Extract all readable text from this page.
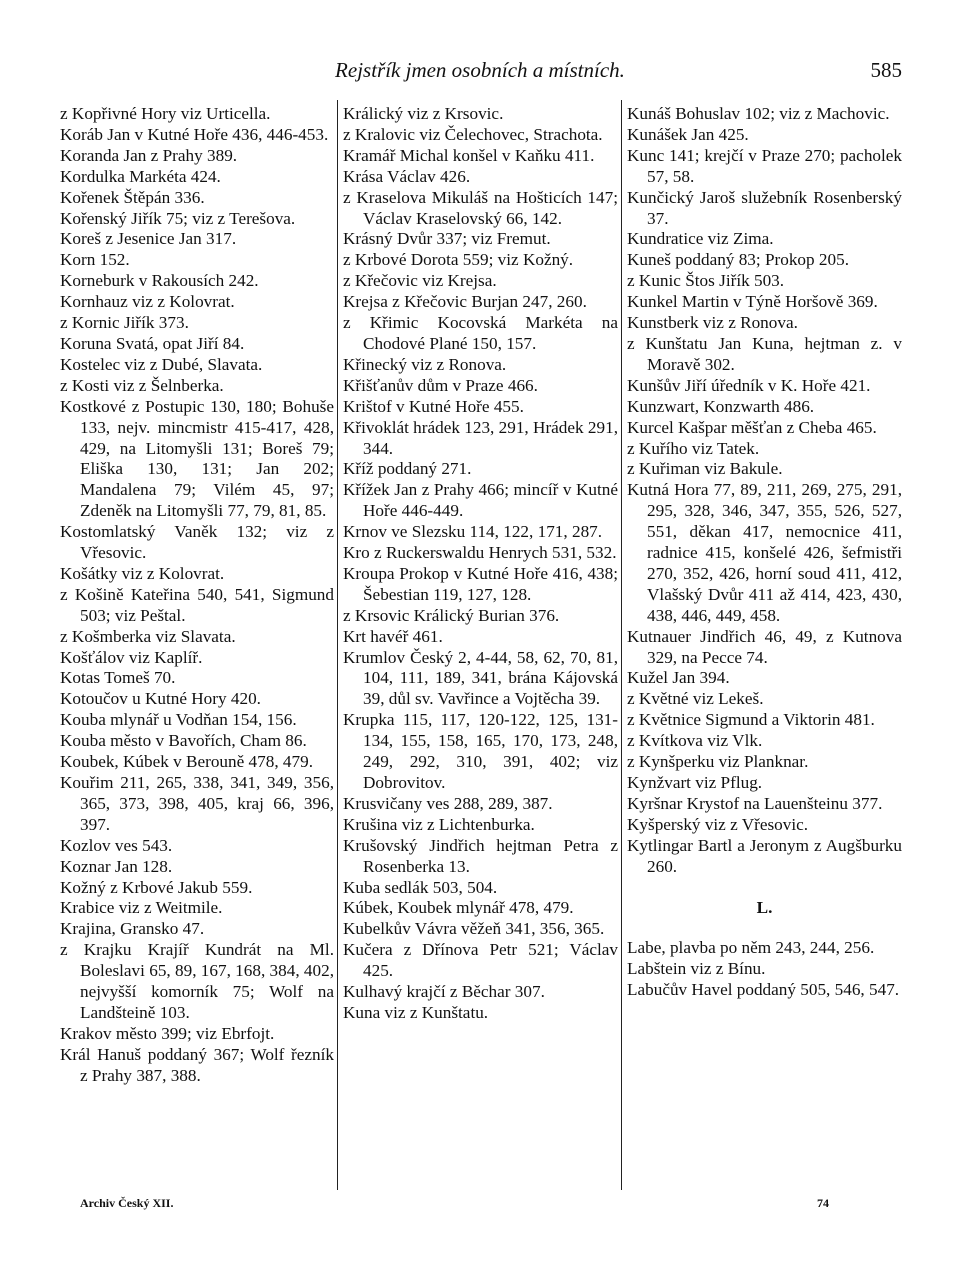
Rejstřík jmen osobních a místních.	585

z Kopřivné Hory viz Urticella.

Koráb Jan v Kutné Hoře 436, 446-453.

Koranda Jan z Prahy 389.

Kordulka Markéta 424.

Kořenek Štěpán 336.

Kořenský Jiřík 75; viz z Terešova.

Koreš z Jesenice Jan 317.

Korn 152.

Korneburk v Rakousích 242.

Kornhauz viz z Kolovrat.

z Kornic Jiřík 373.

Koruna Svatá, opat Jiří 84.

Kostelec viz z Dubé, Slavata.

z Kosti viz z Šelnberka.

Kostkové z Postupic 130, 180; Bohuše 133, nejv. mincmistr 415-417, 428, 429, na Litomyšli 131; Boreš 79; Eliška 130, 131; Jan 202; Mandalena 79; Vilém 45, 97; Zdeněk na Litomyšli 77, 79, 81, 85.

Kostomlatský Vaněk 132; viz z Vřesovic.

Košátky viz z Kolovrat.

z Košině Kateřina 540, 541, Sigmund 503; viz Peštal.

z Košmberka viz Slavata.

Košťálov viz Kaplíř.

Kotas Tomeš 70.

Kotoučov u Kutné Hory 420.

Kouba mlynář u Vodňan 154, 156.

Kouba město v Bavořích, Cham 86.

Koubek, Kúbek v Berouně 478, 479.

Kouřim 211, 265, 338, 341, 349, 356, 365, 373, 398, 405, kraj 66, 396, 397.

Kozlov ves 543.

Koznar Jan 128.

Kožný z Krbové Jakub 559.

Krabice viz z Weitmile.

Krajina, Gransko 47.

z Krajku Krajíř Kundrát na Ml. Boleslavi 65, 89, 167, 168, 384, 402, nejvyšší komorník 75; Wolf na Landšteině 103.

Krakov město 399; viz Ebrfojt.

Král Hanuš poddaný 367; Wolf řezník z Prahy 387, 388.

Králický viz z Krsovic.

z Kralovic viz Čelechovec, Strachota.

Kramář Michal konšel v Kaňku 411.

Krása Václav 426.

z Kraselova Mikuláš na Hošticích 147; Václav Kraselovský 66, 142.

Krásný Dvůr 337; viz Fremut.

z Krbové Dorota 559; viz Kožný.

z Křečovic viz Krejsa.

Krejsa z Křečovic Burjan 247, 260.

z Křimic Kocovská Markéta na Chodové Plané 150, 157.

Křinecký viz z Ronova.

Křišťanův dům v Praze 466.

Krištof v Kutné Hoře 455.

Křivoklát hrádek 123, 291, Hrádek 291, 344.

Kříž poddaný 271.

Křížek Jan z Prahy 466; mincíř v Kutné Hoře 446-449.

Krnov ve Slezsku 114, 122, 171, 287.

Kro z Ruckerswaldu Henrych 531, 532.

Kroupa Prokop v Kutné Hoře 416, 438; Šebestian 119, 127, 128.

z Krsovic Králický Burian 376.

Krt havéř 461.

Krumlov Český 2, 4-44, 58, 62, 70, 81, 104, 111, 189, 341, brána Kájovská 39, důl sv. Vavřince a Vojtěcha 39.

Krupka 115, 117, 120-122, 125, 131-134, 155, 158, 165, 170, 173, 248, 249, 292, 310, 391, 402; viz Dobrovitov.

Krusvičany ves 288, 289, 387.

Krušina viz z Lichtenburka.

Krušovský Jindřich hejtman Petra z Rosenberka 13.

Kuba sedlák 503, 504.

Kúbek, Koubek mlynář 478, 479.

Kubelkův Vávra věžeň 341, 356, 365.

Kučera z Dřínova Petr 521; Václav 425.

Kulhavý krajčí z Běchar 307.

Kuna viz z Kunštatu.

Kunáš Bohuslav 102; viz z Machovic.

Kunášek Jan 425.

Kunc 141; krejčí v Praze 270; pacholek 57, 58.

Kunčický Jaroš služebník Rosenberský 37.

Kundratice viz Zima.

Kuneš poddaný 83; Prokop 205.

z Kunic Štos Jiřík 503.

Kunkel Martin v Týně Horšově 369.

Kunstberk viz z Ronova.

z Kunštatu Jan Kuna, hejtman z. v Moravě 302.

Kunšův Jiří úředník v K. Hoře 421.

Kunzwart, Konzwarth 486.

Kurcel Kašpar měšťan z Cheba 465.

z Kuřího viz Tatek.

z Kuřiman viz Bakule.

Kutná Hora 77, 89, 211, 269, 275, 291, 295, 328, 346, 347, 355, 526, 527, 551, děkan 417, nemocnice 411, radnice 415, konšelé 426, šefmistři 270, 352, 426, horní soud 411, 412, Vlašský Dvůr 411 až 414, 423, 430, 438, 446, 449, 458.

Kutnauer Jindřich 46, 49, z Kutnova 329, na Pecce 74.

Kužel Jan 394.

z Květné viz Lekeš.

z Květnice Sigmund a Viktorin 481.

z Kvítkova viz Vlk.

z Kynšperku viz Planknar.

Kynžvart viz Pflug.

Kyršnar Krystof na Lauenšteinu 377.

Kyšperský viz z Vřesovic.

Kytlingar Bartl a Jeronym z Augšburku 260.

L.

Labe, plavba po něm 243, 244, 256.

Labštein viz z Bínu.

Labučův Havel poddaný 505, 546, 547.

Archiv Český XII.	74
